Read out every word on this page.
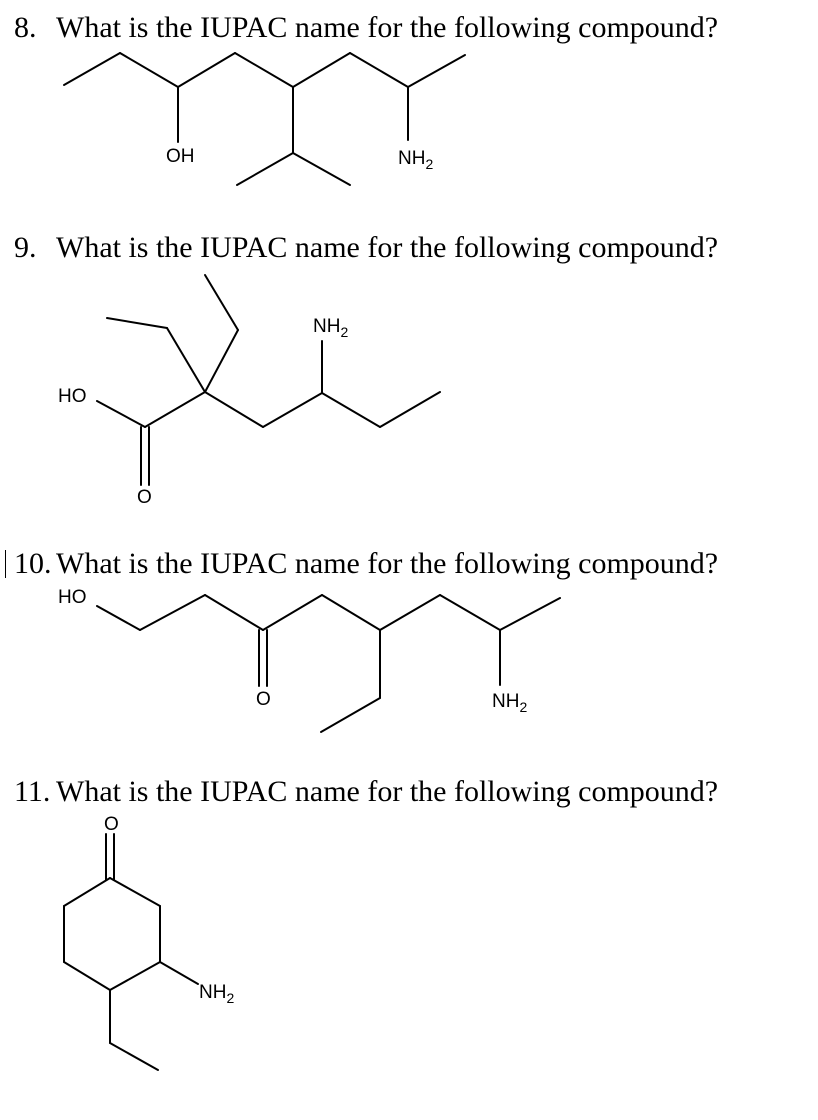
8. What is the IUPAC name for the following compound?

OH	$NH_2$

9. What is the IUPAC name for the following compound?

$NH_2$
HO
O

10. What is the IUPAC name for the following compound?

HO
O	$NH_2$

11. What is the IUPAC name for the following compound?

O
$NH_2$
